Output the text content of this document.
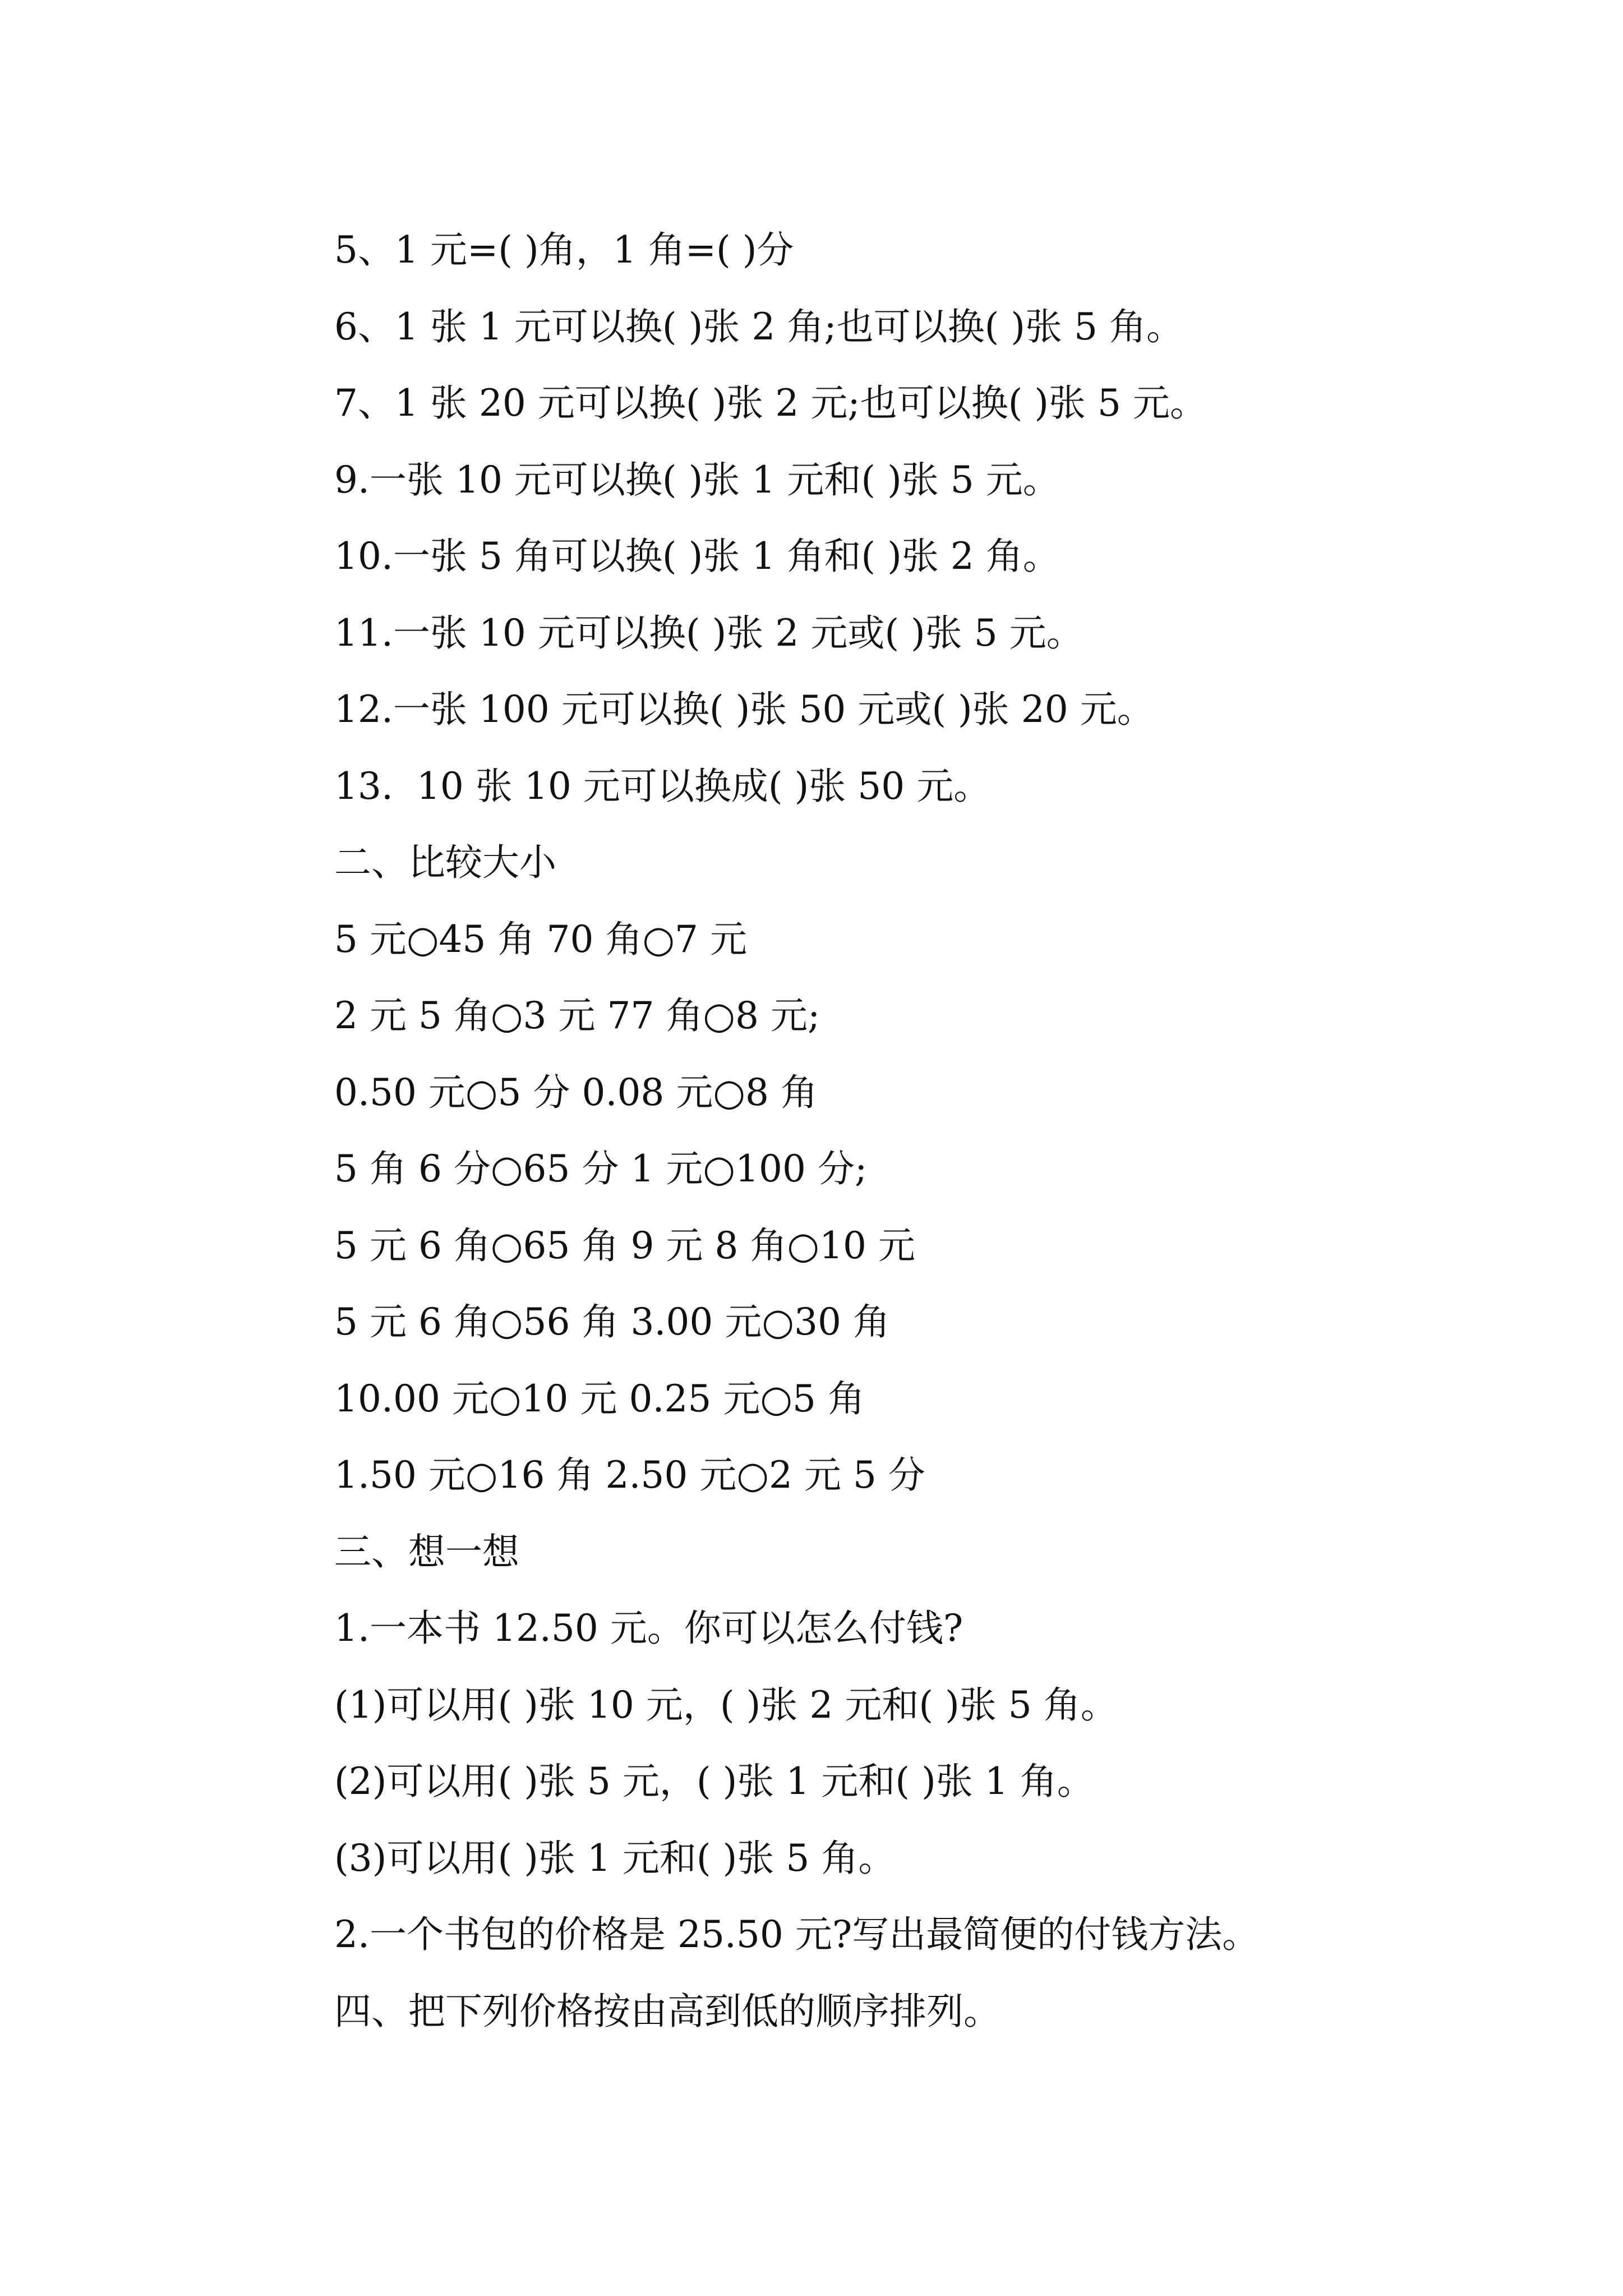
5、1 元=( )角，1 角=( )分
6、1 张 1 元可以换( )张 2 角;也可以换( )张 5 角。
7、1 张 20 元可以换( )张 2 元;也可以换( )张 5 元。
9.一张 10 元可以换( )张 1 元和( )张 5 元。
10.一张 5 角可以换( )张 1 角和( )张 2 角。
11.一张 10 元可以换( )张 2 元或( )张 5 元。
12.一张 100 元可以换( )张 50 元或( )张 20 元。
13.  10 张 10 元可以换成( )张 50 元。
二、比较大小
5 元○45 角 70 角○7 元
2 元 5 角○3 元 77 角○8 元;
0.50 元○5 分 0.08 元○8 角
5 角 6 分○65 分 1 元○100 分;
5 元 6 角○65 角 9 元 8 角○10 元
5 元 6 角○56 角 3.00 元○30 角
10.00 元○10 元 0.25 元○5 角
1.50 元○16 角 2.50 元○2 元 5 分
三、想一想
1.一本书 12.50 元。你可以怎么付钱?
(1)可以用( )张 10 元，( )张 2 元和( )张 5 角。
(2)可以用( )张 5 元，( )张 1 元和( )张 1 角。
(3)可以用( )张 1 元和( )张 5 角。
2.一个书包的价格是 25.50 元?写出最简便的付钱方法。
四、把下列价格按由高到低的顺序排列。
